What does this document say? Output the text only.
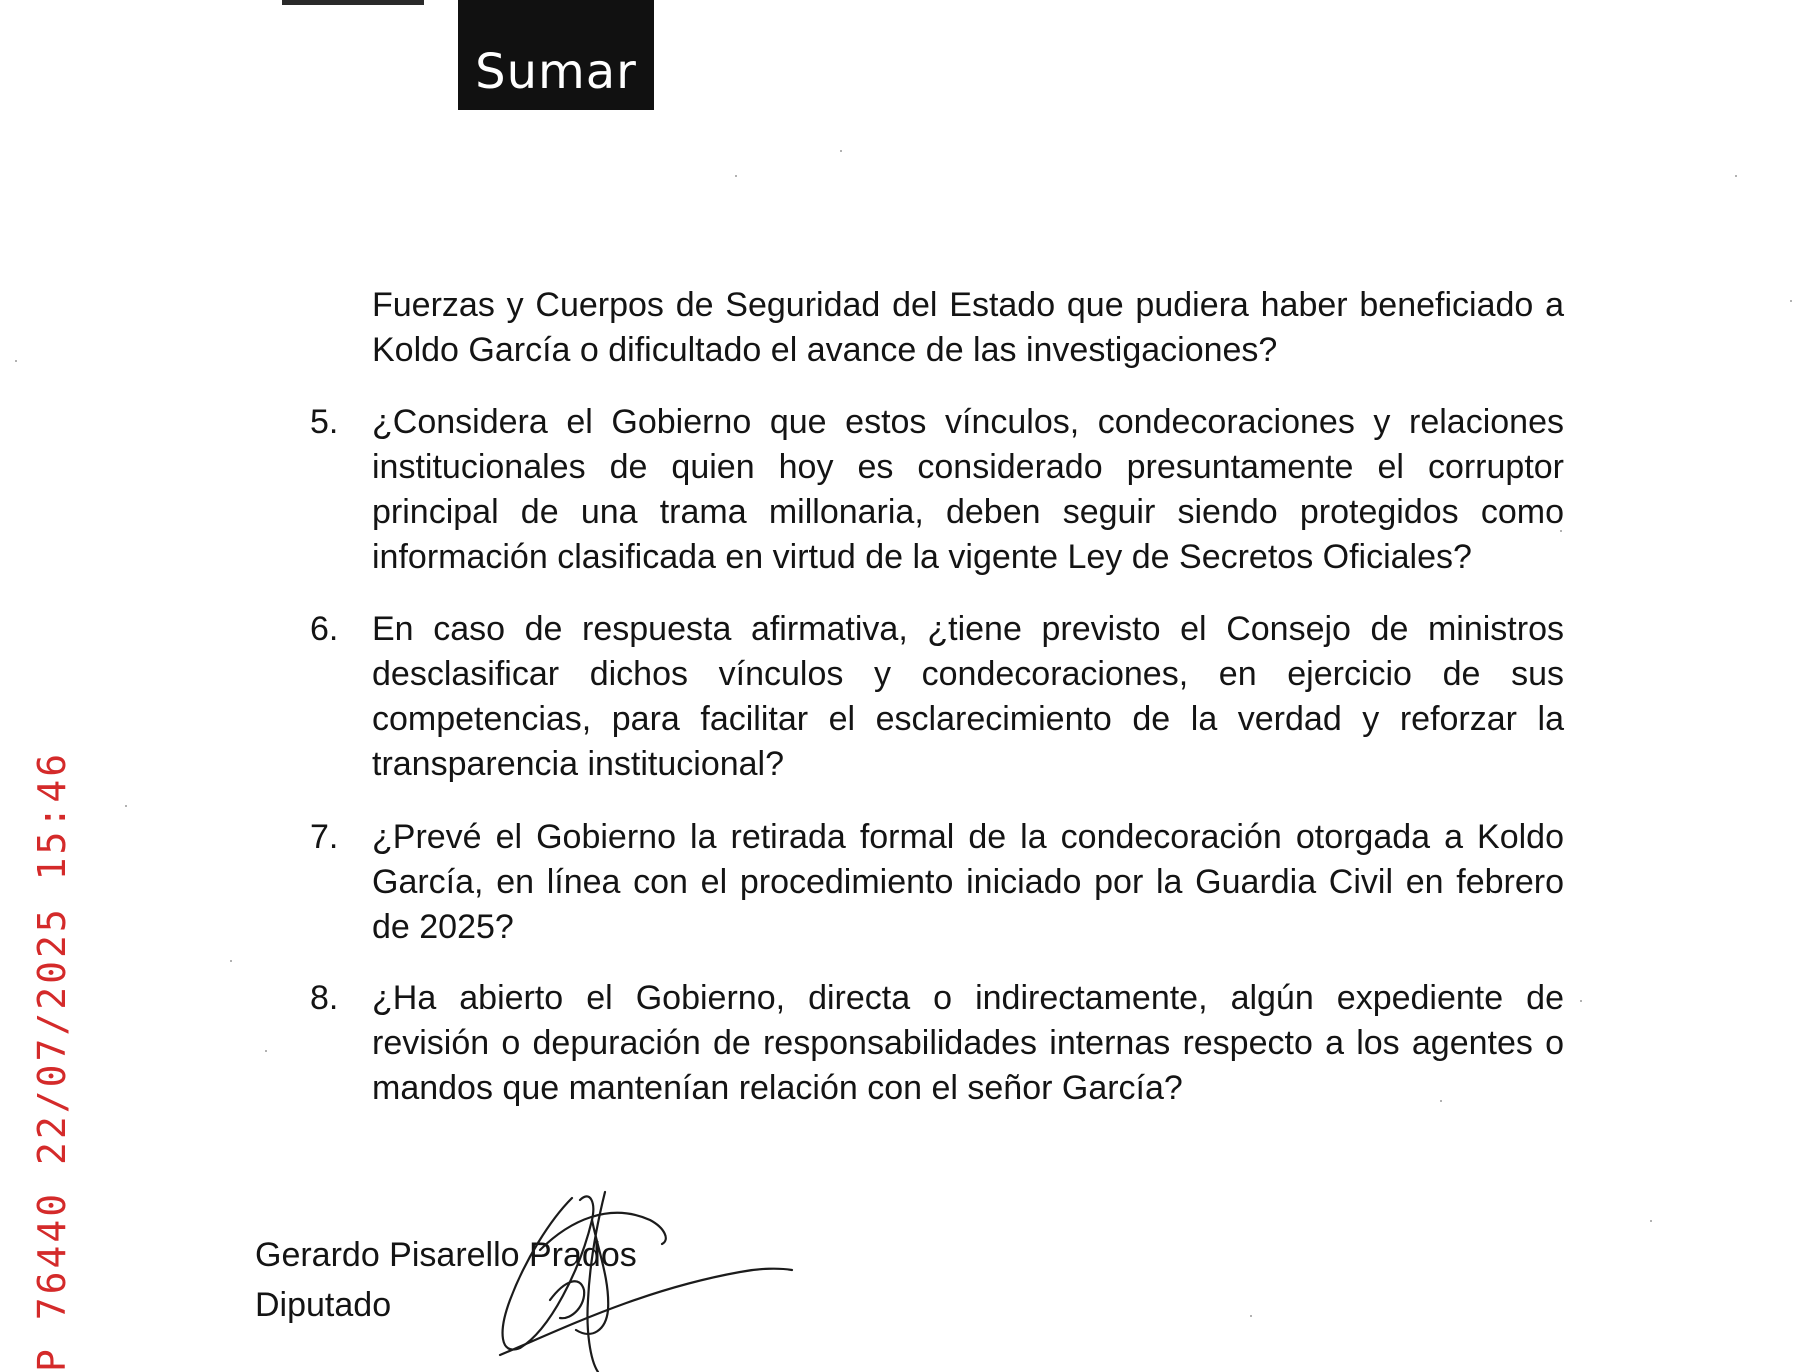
Sumar
Fuerzas y Cuerpos de Seguridad del Estado que pudiera haber beneficiado a Koldo García o dificultado el avance de las investigaciones?
5. ¿Considera el Gobierno que estos vínculos, condecoraciones y relaciones institucionales de quien hoy es considerado presuntamente el corruptor principal de una trama millonaria, deben seguir siendo protegidos como información clasificada en virtud de la vigente Ley de Secretos Oficiales?
6. En caso de respuesta afirmativa, ¿tiene previsto el Consejo de ministros desclasificar dichos vínculos y condecoraciones, en ejercicio de sus competencias, para facilitar el esclarecimiento de la verdad y reforzar la transparencia institucional?
7. ¿Prevé el Gobierno la retirada formal de la condecoración otorgada a Koldo García, en línea con el procedimiento iniciado por la Guardia Civil en febrero de 2025?
8. ¿Ha abierto el Gobierno, directa o indirectamente, algún expediente de revisión o depuración de responsabilidades internas respecto a los agentes o mandos que mantenían relación con el señor García?
Gerardo Pisarello Prados
Diputado
P 76440 22/07/2025 15:46
